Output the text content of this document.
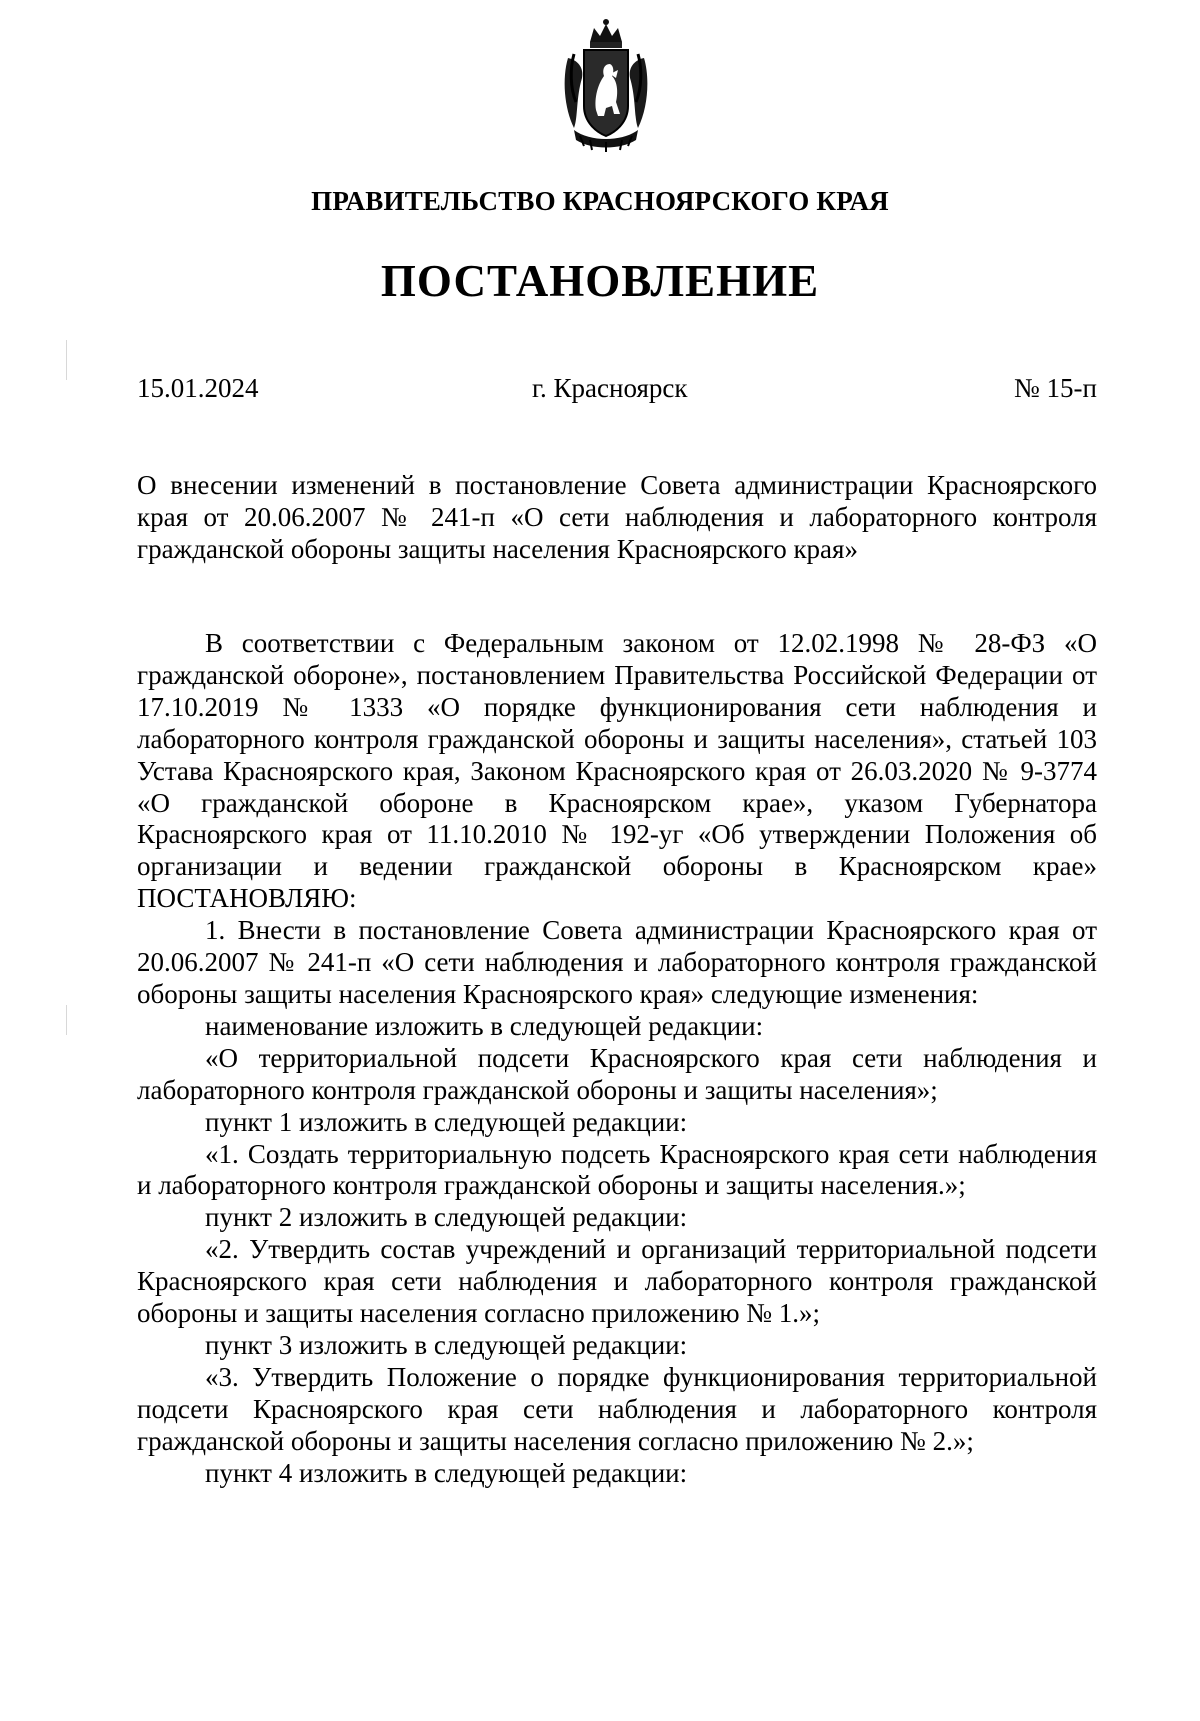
ПРАВИТЕЛЬСТВО КРАСНОЯРСКОГО КРАЯ
ПОСТАНОВЛЕНИЕ
15.01.2024	г. Красноярск	№ 15-п
О внесении изменений в постановление Совета администрации Красноярского края от 20.06.2007 № 241-п «О сети наблюдения и лабораторного контроля гражданской обороны защиты населения Красноярского края»

В соответствии с Федеральным законом от 12.02.1998 № 28-ФЗ «О гражданской обороне», постановлением Правительства Российской Федерации от 17.10.2019 № 1333 «О порядке функционирования сети наблюдения и лабораторного контроля гражданской обороны и защиты населения», статьей 103 Устава Красноярского края, Законом Красноярского края от 26.03.2020 № 9-3774 «О гражданской обороне в Красноярском крае», указом Губернатора Красноярского края от 11.10.2010 № 192-уг «Об утверждении Положения об организации и ведении гражданской обороны в Красноярском крае» ПОСТАНОВЛЯЮ:

1. Внести в постановление Совета администрации Красноярского края от 20.06.2007 № 241-п «О сети наблюдения и лабораторного контроля гражданской обороны защиты населения Красноярского края» следующие изменения:

наименование изложить в следующей редакции:

«О территориальной подсети Красноярского края сети наблюдения и лабораторного контроля гражданской обороны и защиты населения»;

пункт 1 изложить в следующей редакции:

«1. Создать территориальную подсеть Красноярского края сети наблюдения и лабораторного контроля гражданской обороны и защиты населения.»;

пункт 2 изложить в следующей редакции:

«2. Утвердить состав учреждений и организаций территориальной подсети Красноярского края сети наблюдения и лабораторного контроля гражданской обороны и защиты населения согласно приложению № 1.»;

пункт 3 изложить в следующей редакции:

«3. Утвердить Положение о порядке функционирования территориальной подсети Красноярского края сети наблюдения и лабораторного контроля гражданской обороны и защиты населения согласно приложению № 2.»;

пункт 4 изложить в следующей редакции:
